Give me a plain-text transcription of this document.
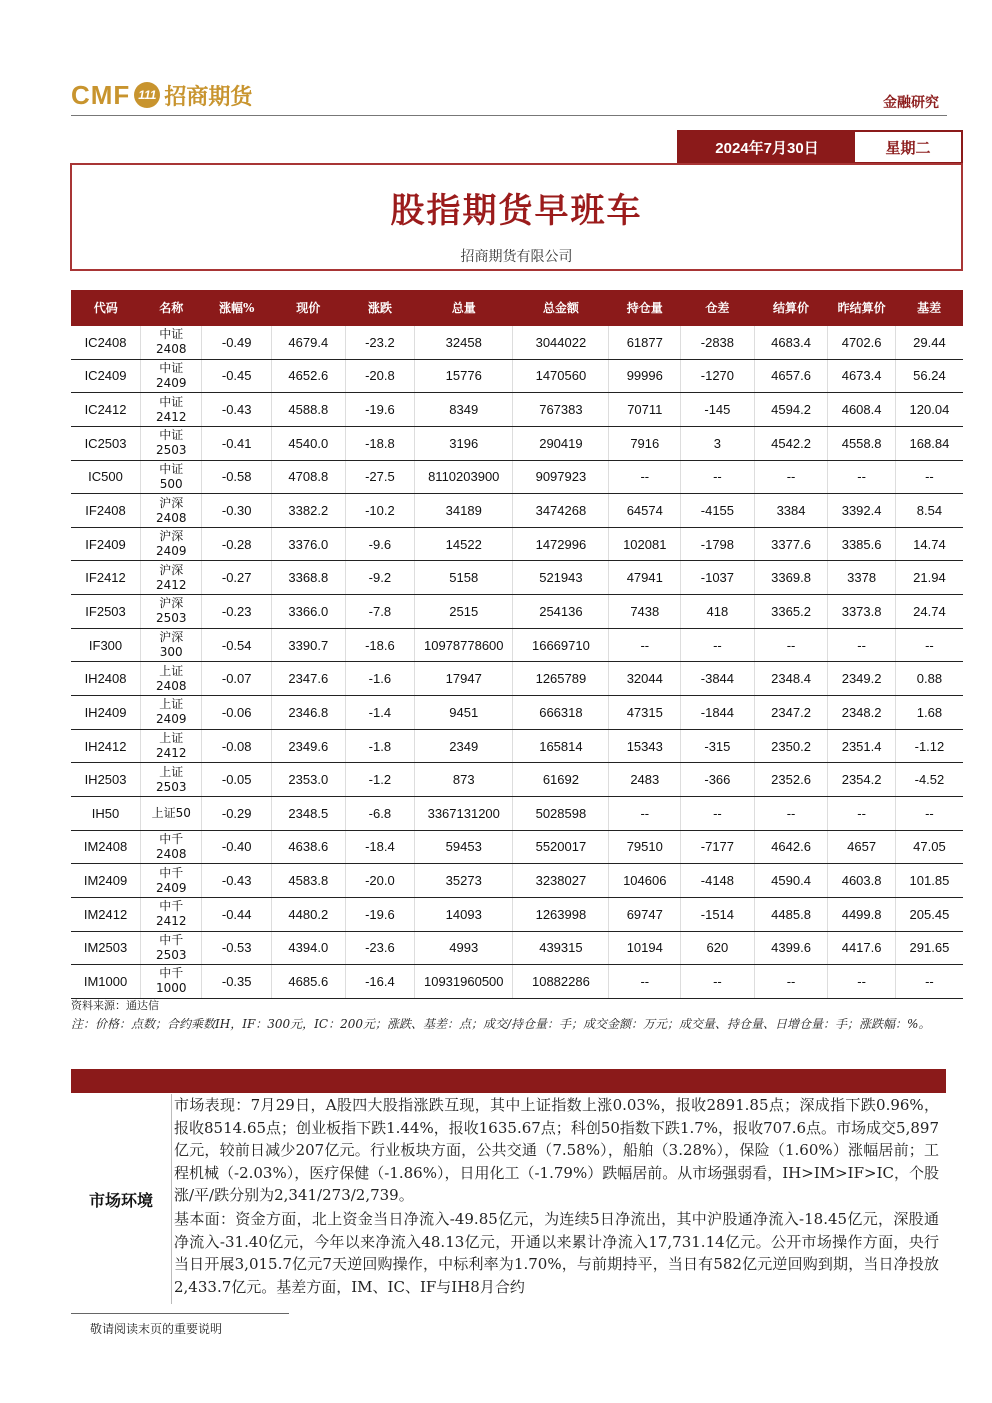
CMF 111 招商期货	金融研究
2024年7月30日	星期二
股指期货早班车
招商期货有限公司
代码	名称	涨幅%	现价	涨跌	总量	总金额	持仓量	仓差	结算价	昨结算价	基差
IC2408	中证2408	-0.49	4679.4	-23.2	32458	3044022	61877	-2838	4683.4	4702.6	29.44
IC2409	中证2409	-0.45	4652.6	-20.8	15776	1470560	99996	-1270	4657.6	4673.4	56.24
IC2412	中证2412	-0.43	4588.8	-19.6	8349	767383	70711	-145	4594.2	4608.4	120.04
IC2503	中证2503	-0.41	4540.0	-18.8	3196	290419	7916	3	4542.2	4558.8	168.84
IC500	中证500	-0.58	4708.8	-27.5	8110203900	9097923	--	--	--	--	--
IF2408	沪深2408	-0.30	3382.2	-10.2	34189	3474268	64574	-4155	3384	3392.4	8.54
IF2409	沪深2409	-0.28	3376.0	-9.6	14522	1472996	102081	-1798	3377.6	3385.6	14.74
IF2412	沪深2412	-0.27	3368.8	-9.2	5158	521943	47941	-1037	3369.8	3378	21.94
IF2503	沪深2503	-0.23	3366.0	-7.8	2515	254136	7438	418	3365.2	3373.8	24.74
IF300	沪深300	-0.54	3390.7	-18.6	10978778600	16669710	--	--	--	--	--
IH2408	上证2408	-0.07	2347.6	-1.6	17947	1265789	32044	-3844	2348.4	2349.2	0.88
IH2409	上证2409	-0.06	2346.8	-1.4	9451	666318	47315	-1844	2347.2	2348.2	1.68
IH2412	上证2412	-0.08	2349.6	-1.8	2349	165814	15343	-315	2350.2	2351.4	-1.12
IH2503	上证2503	-0.05	2353.0	-1.2	873	61692	2483	-366	2352.6	2354.2	-4.52
IH50	上证50	-0.29	2348.5	-6.8	3367131200	5028598	--	--	--	--	--
IM2408	中千2408	-0.40	4638.6	-18.4	59453	5520017	79510	-7177	4642.6	4657	47.05
IM2409	中千2409	-0.43	4583.8	-20.0	35273	3238027	104606	-4148	4590.4	4603.8	101.85
IM2412	中千2412	-0.44	4480.2	-19.6	14093	1263998	69747	-1514	4485.8	4499.8	205.45
IM2503	中千2503	-0.53	4394.0	-23.6	4993	439315	10194	620	4399.6	4417.6	291.65
IM1000	中千1000	-0.35	4685.6	-16.4	10931960500	10882286	--	--	--	--	--
资料来源：通达信
注：价格：点数；合约乘数IH，IF：300元，IC：200元；涨跌、基差：点；成交/持仓量：手；成交金额：万元；成交量、持仓量、日增仓量：手；涨跌幅：%。
市场环境

市场表现：7月29日，A股四大股指涨跌互现，其中上证指数上涨0.03%，报收2891.85点；深成指下跌0.96%，报收8514.65点；创业板指下跌1.44%，报收1635.67点；科创50指数下跌1.7%，报收707.6点。市场成交5,897亿元，较前日减少207亿元。行业板块方面，公共交通（7.58%），船舶（3.28%），保险（1.60%）涨幅居前；工程机械（-2.03%），医疗保健（-1.86%），日用化工（-1.79%）跌幅居前。从市场强弱看，IH>IM>IF>IC，个股涨/平/跌分别为2,341/273/2,739。

基本面：资金方面，北上资金当日净流入-49.85亿元，为连续5日净流出，其中沪股通净流入-18.45亿元，深股通净流入-31.40亿元，今年以来净流入48.13亿元，开通以来累计净流入17,731.14亿元。公开市场操作方面，央行当日开展3,015.7亿元7天逆回购操作，中标利率为1.70%，与前期持平，当日有582亿元逆回购到期，当日净投放2,433.7亿元。基差方面，IM、IC、IF与IH8月合约

敬请阅读末页的重要说明
